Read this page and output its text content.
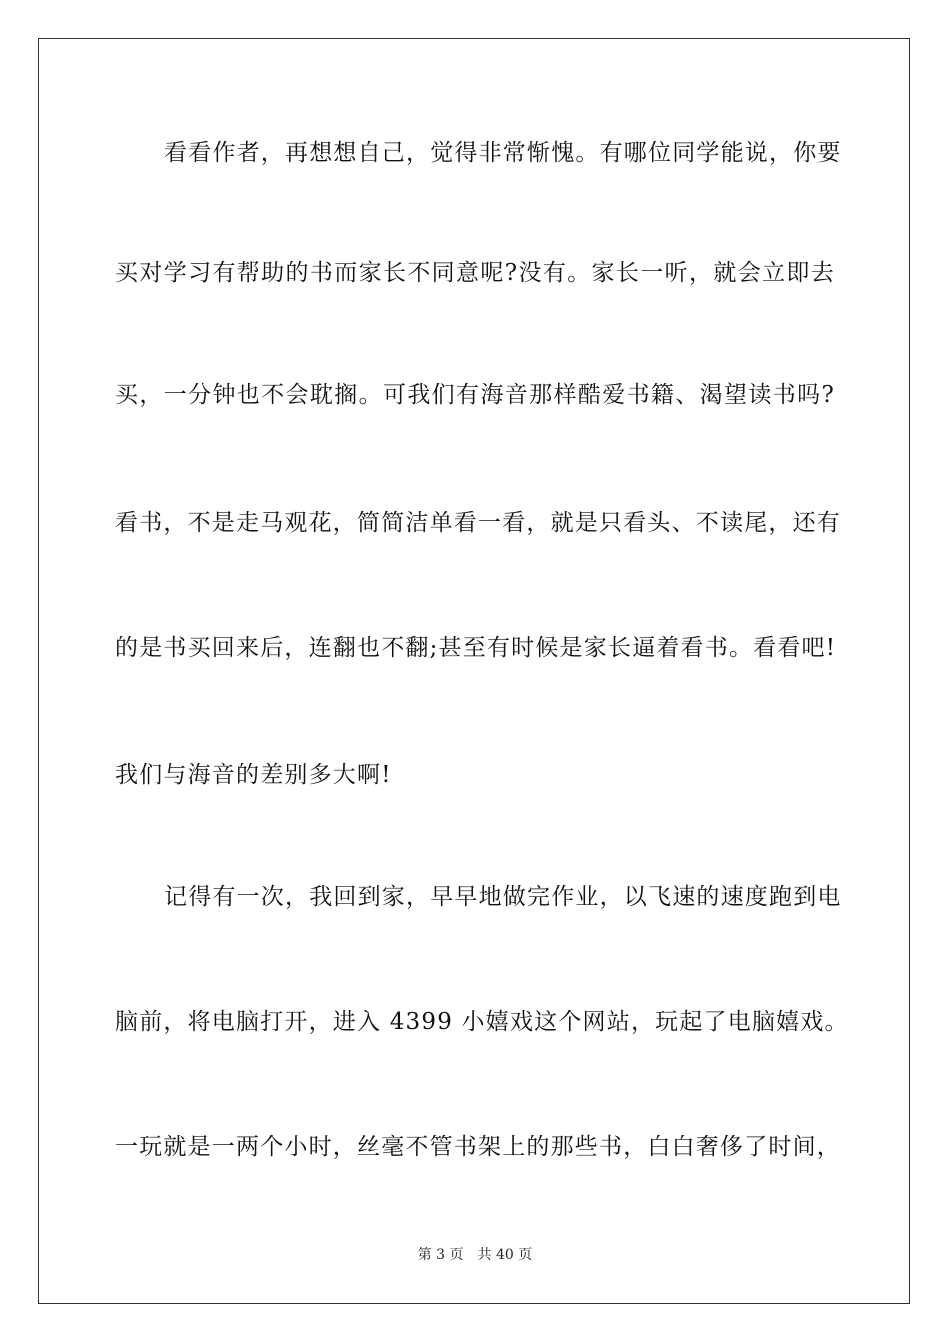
看看作者，再想想自己，觉得非常惭愧。有哪位同学能说，你要
买对学习有帮助的书而家长不同意呢?没有。家长一听，就会立即去
买，一分钟也不会耽搁。可我们有海音那样酷爱书籍、渴望读书吗?
看书，不是走马观花，简简洁单看一看，就是只看头、不读尾，还有
的是书买回来后，连翻也不翻;甚至有时候是家长逼着看书。看看吧!
我们与海音的差别多大啊!
记得有一次，我回到家，早早地做完作业，以飞速的速度跑到电
脑前，将电脑打开，进入 4399 小嬉戏这个网站，玩起了电脑嬉戏。
一玩就是一两个小时，丝毫不管书架上的那些书，白白奢侈了时间，
第 3 页 共 40 页
